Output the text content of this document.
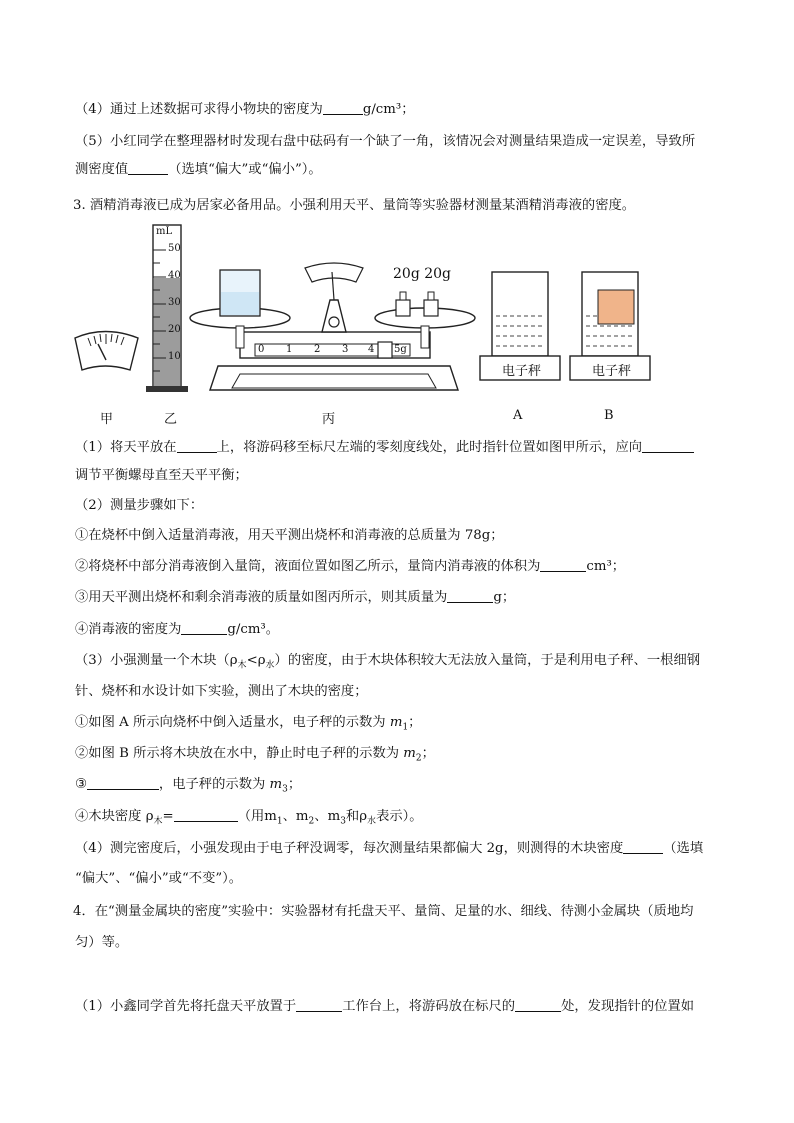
（4）通过上述数据可求得小物块的密度为	g/cm³；
（5）小红同学在整理器材时发现右盘中砝码有一个缺了一角，该情况会对测量结果造成一定误差，导致所
测密度值	（选填“偏大”或“偏小”）。
3. 酒精消毒液已成为居家必备用品。小强利用天平、量筒等实验器材测量某酒精消毒液的密度。
mL
50
40
30
20
10
20g 20g
0 1 2 3 4 5g
电子秤	电子秤
甲	乙	丙	A	B
（1）将天平放在	上，将游码移至标尺左端的零刻度线处，此时指针位置如图甲所示，应向
调节平衡螺母直至天平平衡；
（2）测量步骤如下：
①在烧杯中倒入适量消毒液，用天平测出烧杯和消毒液的总质量为 78g；
②将烧杯中部分消毒液倒入量筒，液面位置如图乙所示，量筒内消毒液的体积为	cm³；
③用天平测出烧杯和剩余消毒液的质量如图丙所示，则其质量为	g；
④消毒液的密度为	g/cm³。
（3）小强测量一个木块$(\rho_木<\rho_水)$的密度，由于木块体积较大无法放入量筒，于是利用电子秤、一根细钢
针、烧杯和水设计如下实验，测出了木块的密度；
①如图 A 所示向烧杯中倒入适量水，电子秤的示数为 $m_1$；
②如图 B 所示将木块放在水中，静止时电子秤的示数为 $m_2$；
③	，电子秤的示数为 $m_3$；
④木块密度 $\rho_木=$	（用$m_1$、$m_2$、$m_3$和$\rho_水$表示）。
（4）测完密度后，小强发现由于电子秤没调零，每次测量结果都偏大 2g，则测得的木块密度	（选填
“偏大”、“偏小”或“不变”）。
4．在“测量金属块的密度”实验中：实验器材有托盘天平、量筒、足量的水、细线、待测小金属块（质地均
匀）等。
（1）小鑫同学首先将托盘天平放置于	工作台上，将游码放在标尺的	处，发现指针的位置如
